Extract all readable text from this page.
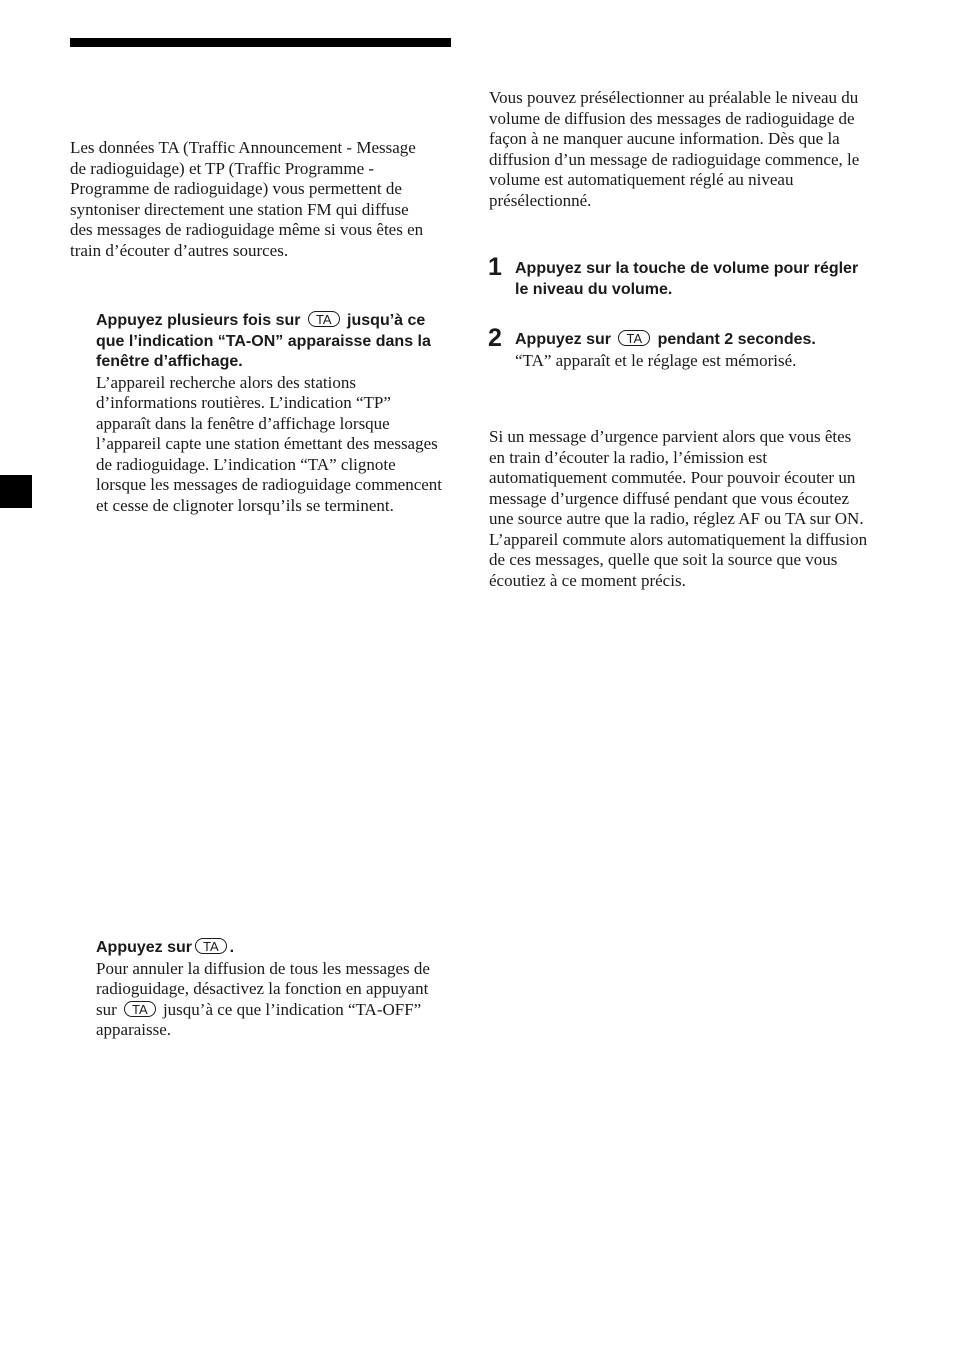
Les données TA (Traffic Announcement - Message de radioguidage) et TP (Traffic Programme - Programme de radioguidage) vous permettent de syntoniser directement une station FM qui diffuse des messages de radioguidage même si vous êtes en train d’écouter d’autres sources.

Appuyez plusieurs fois sur TA jusqu’à ce que l’indication “TA-ON” apparaisse dans la fenêtre d’affichage.
L’appareil recherche alors des stations d’informations routières. L’indication “TP” apparaît dans la fenêtre d’affichage lorsque l’appareil capte une station émettant des messages de radioguidage. L’indication “TA” clignote lorsque les messages de radioguidage commencent et cesse de clignoter lorsqu’ils se terminent.
Appuyez sur TA .
Pour annuler la diffusion de tous les messages de radioguidage, désactivez la fonction en appuyant sur TA jusqu’à ce que l’indication “TA-OFF” apparaisse.

Vous pouvez présélectionner au préalable le niveau du volume de diffusion des messages de radioguidage de façon à ne manquer aucune information. Dès que la diffusion d’un message de radioguidage commence, le volume est automatiquement réglé au niveau présélectionné.

1 Appuyez sur la touche de volume pour régler le niveau du volume.
2 Appuyez sur TA pendant 2 secondes.
“TA” apparaît et le réglage est mémorisé.

Si un message d’urgence parvient alors que vous êtes en train d’écouter la radio, l’émission est automatiquement commutée. Pour pouvoir écouter un message d’urgence diffusé pendant que vous écoutez une source autre que la radio, réglez AF ou TA sur ON. L’appareil commute alors automatiquement la diffusion de ces messages, quelle que soit la source que vous écoutiez à ce moment précis.
